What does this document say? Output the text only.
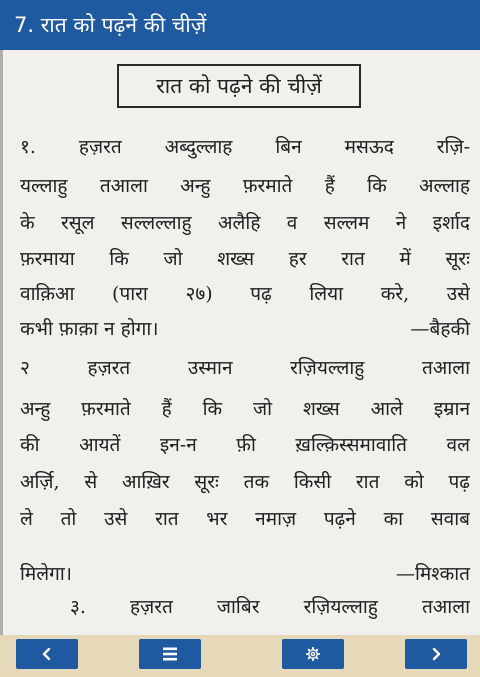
7. रात को पढ़ने की चीज़ें
रात को पढ़ने की चीज़ें
१. हज़रत अब्दुल्लाह बिन मसऊद रज़ि-
यल्लाहु तआला अन्हु फ़रमाते हैं कि अल्लाह
के रसूल सल्लल्लाहु अलैहि व सल्लम ने इर्शाद
फ़रमाया कि जो शख्स हर रात में सूरः
वाक़िआ (पारा २७) पढ़ लिया करे, उसे
कभी फ़ाक़ा न होगा।	—बैहकी
२ हज़रत उस्मान रज़ियल्लाहु तआला
अन्हु फ़रमाते हैं कि जो शख्स आले इम्रान
की आयतें इन-न फ़ी ख़ल्क़िस्समावाति वल
अर्ज़ि, से आख़िर सूरः तक किसी रात को पढ़
ले तो उसे रात भर नमाज़ पढ़ने का सवाब
मिलेगा।	—मिश्कात
३. हज़रत जाबिर रज़ियल्लाहु तआला
